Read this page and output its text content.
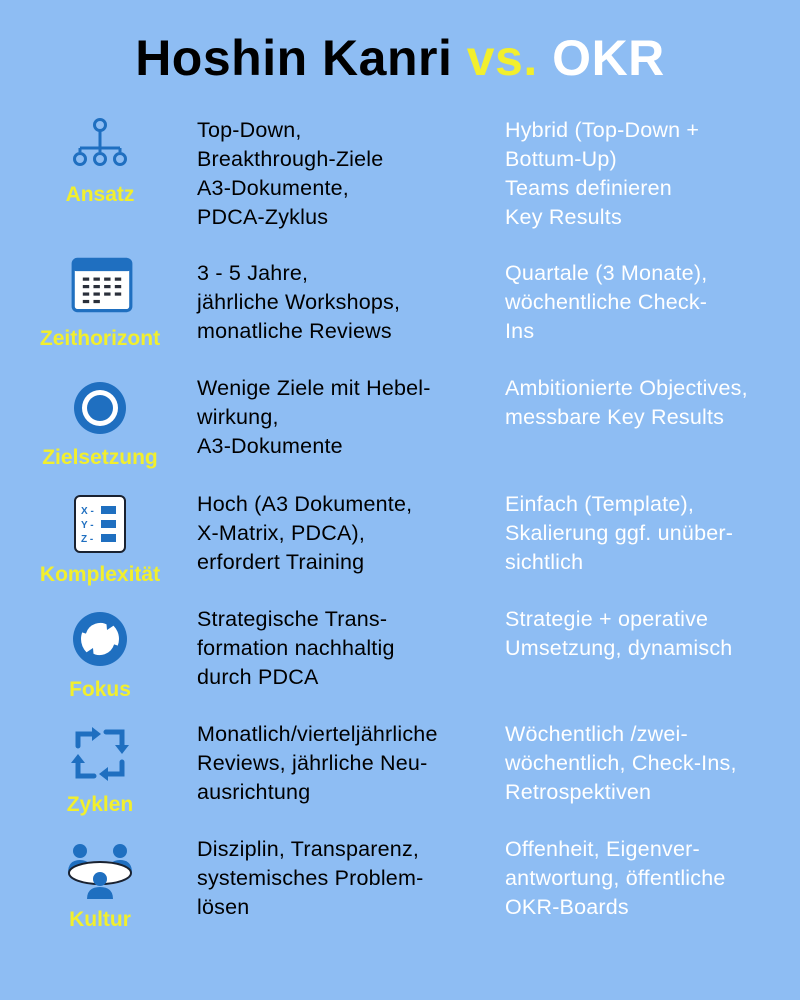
Hoshin Kanri vs. OKR
Ansatz
Top-Down,
Breakthrough-Ziele
A3-Dokumente,
PDCA-Zyklus
Hybrid (Top-Down +
Bottum-Up)
Teams definieren
Key Results
Zeithorizont
3 - 5 Jahre,
jährliche Workshops,
monatliche Reviews
Quartale (3 Monate),
wöchentliche Check-
Ins
Zielsetzung
Wenige Ziele mit Hebel-
wirkung,
A3-Dokumente
Ambitionierte Objectives,
messbare Key Results
X -
Y -
Z -
Komplexität
Hoch (A3 Dokumente,
X-Matrix, PDCA),
erfordert Training
Einfach (Template),
Skalierung ggf. unüber-
sichtlich
Fokus
Strategische Trans-
formation nachhaltig
durch PDCA
Strategie + operative
Umsetzung, dynamisch
Zyklen
Monatlich/vierteljährliche
Reviews, jährliche Neu-
ausrichtung
Wöchentlich /zwei-
wöchentlich, Check-Ins,
Retrospektiven
Kultur
Disziplin, Transparenz,
systemisches Problem-
lösen
Offenheit, Eigenver-
antwortung, öffentliche
OKR-Boards
